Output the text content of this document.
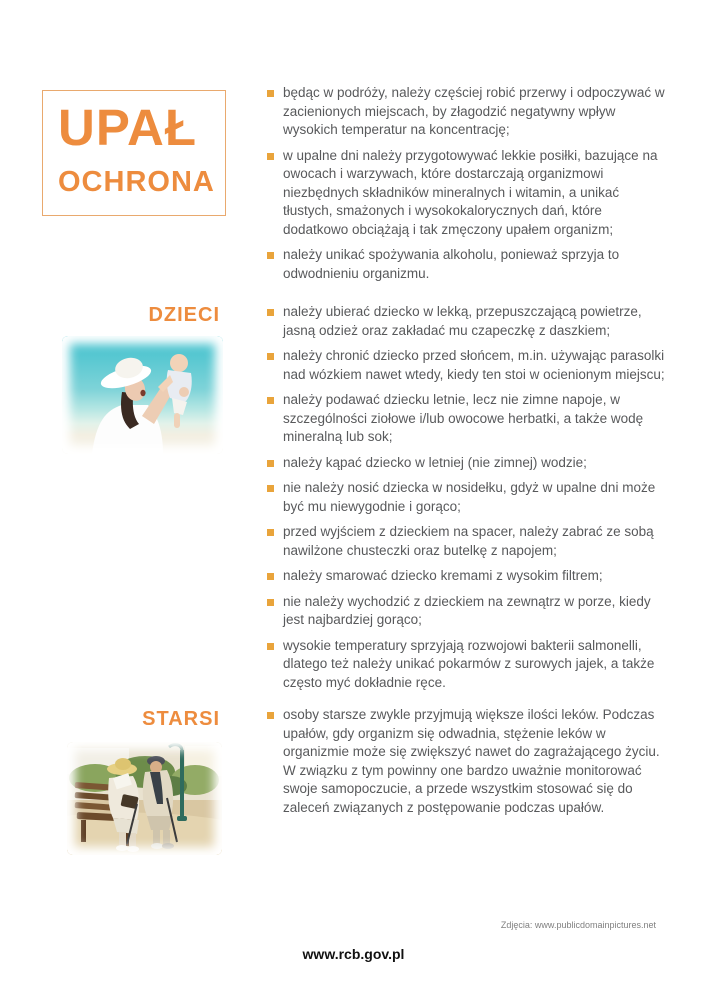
UPAŁ
OCHRONA
będąc w podróży, należy częściej robić przerwy i odpoczywać w zacienionych miejscach, by złagodzić negatywny wpływ wysokich temperatur na koncentrację;
w upalne dni należy przygotowywać lekkie posiłki, bazujące na owocach i warzywach, które dostarczają organizmowi niezbędnych składników mineralnych i witamin, a unikać tłustych, smażonych i wysokokalorycznych dań, które dodatkowo obciążają i tak zmęczony upałem organizm;
należy unikać spożywania alkoholu, ponieważ sprzyja to odwodnieniu organizmu.
DZIECI	należy ubierać dziecko w lekką, przepuszczającą powietrze, jasną odzież oraz zakładać mu czapeczkę z daszkiem;
należy chronić dziecko przed słońcem, m.in. używając parasolki nad wózkiem nawet wtedy, kiedy ten stoi w ocienionym miejscu;
należy podawać dziecku letnie, lecz nie zimne napoje, w szczególności ziołowe i/lub owocowe herbatki, a także wodę mineralną lub sok;
należy kąpać dziecko w letniej (nie zimnej) wodzie;
nie należy nosić dziecka w nosidełku, gdyż w upalne dni może być mu niewygodnie i gorąco;
przed wyjściem z dzieckiem na spacer, należy zabrać ze sobą nawilżone chusteczki oraz butelkę z napojem;
należy smarować dziecko kremami z wysokim filtrem;
nie należy wychodzić z dzieckiem na zewnątrz w porze, kiedy jest najbardziej gorąco;
wysokie temperatury sprzyjają rozwojowi bakterii salmonelli, dlatego też należy unikać pokarmów z surowych jajek, a także często myć dokładnie ręce.
STARSI	osoby starsze zwykle przyjmują większe ilości leków. Podczas upałów, gdy organizm się odwadnia, stężenie leków w organizmie może się zwiększyć nawet do zagrażającego życiu. W związku z tym powinny one bardzo uważnie monitorować swoje samopoczucie, a przede wszystkim stosować się do zaleceń związanych z postępowanie podczas upałów.
Zdjęcia: www.publicdomainpictures.net
www.rcb.gov.pl
